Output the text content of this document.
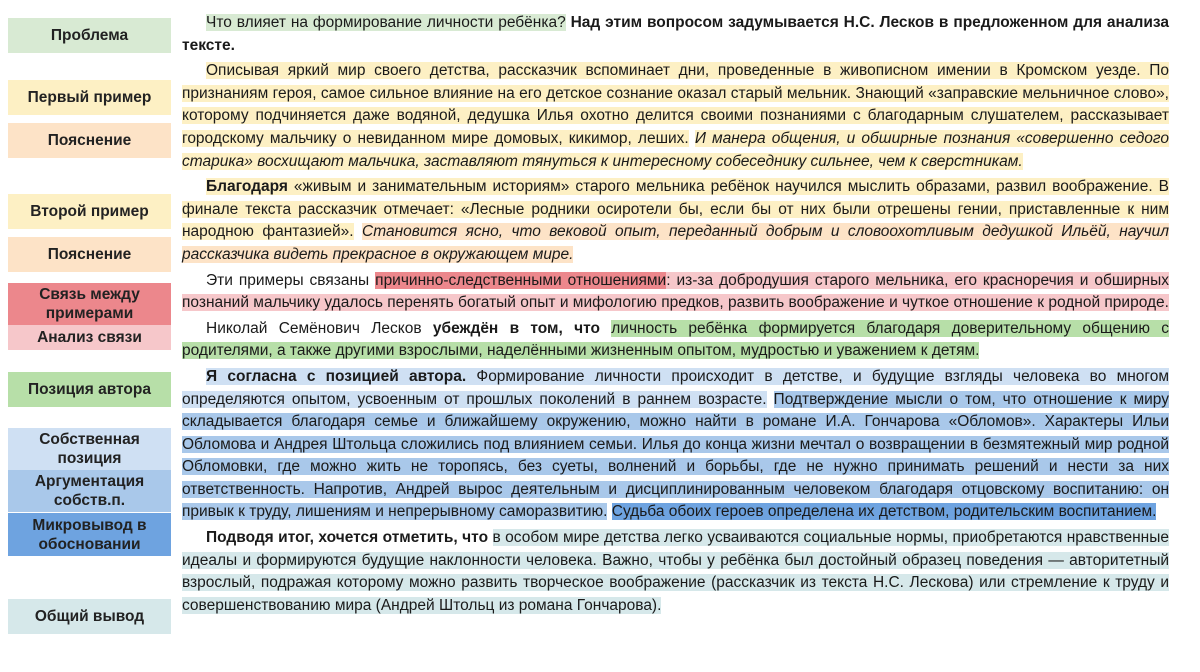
Проблема
Первый пример
Пояснение
Второй пример
Пояснение
Связь между примерами
Анализ связи
Позиция автора
Собственная позиция
Аргументация собств.п.
Микровывод в обосновании
Общий вывод

Что влияет на формирование личности ребёнка? Над этим вопросом задумывается Н.С. Лесков в предложенном для анализа тексте.

Описывая яркий мир своего детства, рассказчик вспоминает дни, проведенные в живописном имении в Кромском уезде. По признаниям героя, самое сильное влияние на его детское сознание оказал старый мельник. Знающий «заправские мельничное слово», которому подчиняется даже водяной, дедушка Илья охотно делится своими познаниями с благодарным слушателем, рассказывает городскому мальчику о невиданном мире домовых, кикимор, леших. И манера общения, и обширные познания «совершенно седого старика» восхищают мальчика, заставляют тянуться к интересному собеседнику сильнее, чем к сверстникам.

Благодаря «живым и занимательным историям» старого мельника ребёнок научился мыслить образами, развил воображение. В финале текста рассказчик отмечает: «Лесные родники осиротели бы, если бы от них были отрешены гении, приставленные к ним народною фантазией». Становится ясно, что вековой опыт, переданный добрым и словоохотливым дедушкой Ильёй, научил рассказчика видеть прекрасное в окружающем мире.

Эти примеры связаны причинно-следственными отношениями: из-за добродушия старого мельника, его красноречия и обширных познаний мальчику удалось перенять богатый опыт и мифологию предков, развить воображение и чуткое отношение к родной природе.

Николай Семёнович Лесков убеждён в том, что личность ребёнка формируется благодаря доверительному общению с родителями, а также другими взрослыми, наделёнными жизненным опытом, мудростью и уважением к детям.

Я согласна с позицией автора. Формирование личности происходит в детстве, и будущие взгляды человека во многом определяются опытом, усвоенным от прошлых поколений в раннем возрасте. Подтверждение мысли о том, что отношение к миру складывается благодаря семье и ближайшему окружению, можно найти в романе И.А. Гончарова «Обломов». Характеры Ильи Обломова и Андрея Штольца сложились под влиянием семьи. Илья до конца жизни мечтал о возвращении в безмятежный мир родной Обломовки, где можно жить не торопясь, без суеты, волнений и борьбы, где не нужно принимать решений и нести за них ответственность. Напротив, Андрей вырос деятельным и дисциплинированным человеком благодаря отцовскому воспитанию: он привык к труду, лишениям и непрерывному саморазвитию. Судьба обоих героев определена их детством, родительским воспитанием.

Подводя итог, хочется отметить, что в особом мире детства легко усваиваются социальные нормы, приобретаются нравственные идеалы и формируются будущие наклонности человека. Важно, чтобы у ребёнка был достойный образец поведения — авторитетный взрослый, подражая которому можно развить творческое воображение (рассказчик из текста Н.С. Лескова) или стремление к труду и совершенствованию мира (Андрей Штольц из романа Гончарова).
